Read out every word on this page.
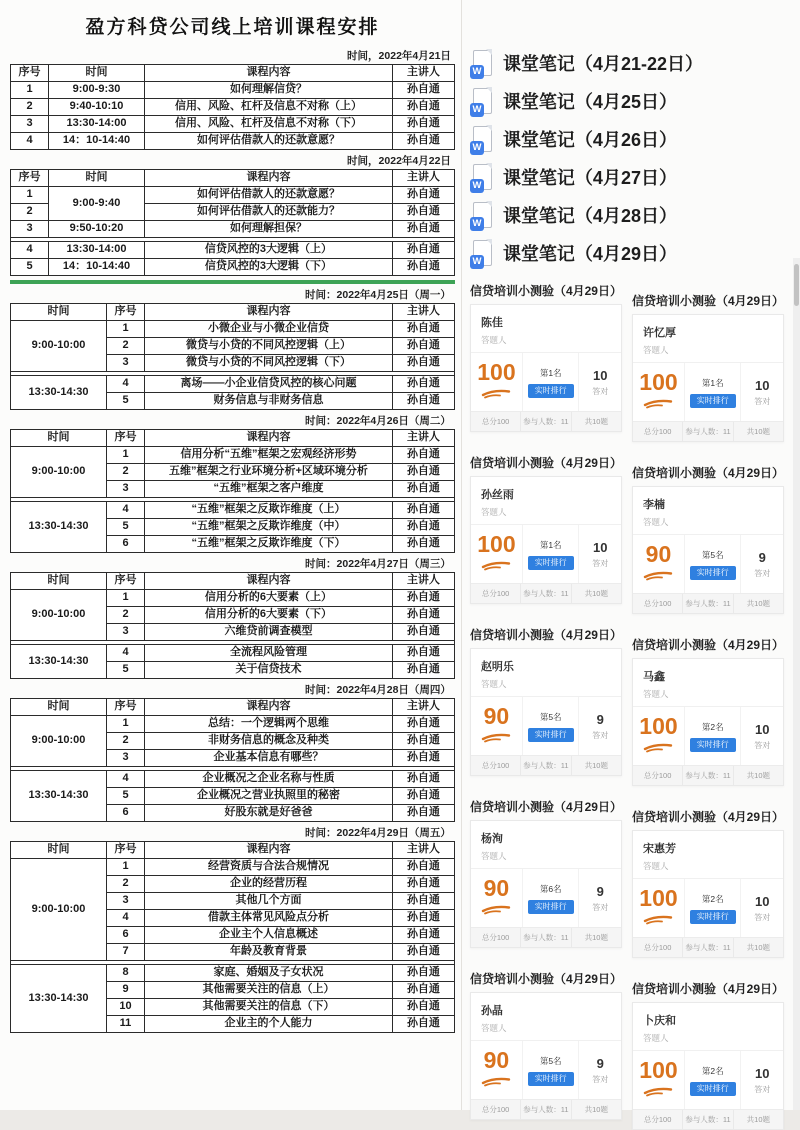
盈方科贷公司线上培训课程安排
时间，2022年4月21日
序号	时间	课程内容	主讲人
1	9:00-9:30	如何理解信贷？	孙自通
2	9:40-10:10	信用、风险、杠杆及信息不对称（上）	孙自通
3	13:30-14:00	信用、风险、杠杆及信息不对称（下）	孙自通
4	14：10-14:40	如何评估借款人的还款意愿？	孙自通
时间，2022年4月22日
序号	时间	课程内容	主讲人
1	9:00-9:40	如何评估借款人的还款意愿？	孙自通
2		如何评估借款人的还款能力？	孙自通
3	9:50-10:20	如何理解担保？	孙自通

4	13:30-14:00	信贷风控的3大逻辑（上）	孙自通
5	14：10-14:40	信贷风控的3大逻辑（下）	孙自通
时间：2022年4月25日（周一）
时间	序号	课程内容	主讲人
9:00-10:00	1	小微企业与小微企业信贷	孙自通
	2	微贷与小贷的不同风控逻辑（上）	孙自通
	3	微贷与小贷的不同风控逻辑（下）	孙自通

13:30-14:30	4	离场——小企业信贷风控的核心问题	孙自通
	5	财务信息与非财务信息	孙自通
时间：2022年4月26日（周二）
时间	序号	课程内容	主讲人
9:00-10:00	1	信用分析“五维”框架之宏观经济形势	孙自通
	2	五维”框架之行业环境分析+区域环境分析	孙自通
	3	“五维”框架之客户维度	孙自通

13:30-14:30	4	“五维”框架之反欺诈维度（上）	孙自通
	5	“五维”框架之反欺诈维度（中）	孙自通
	6	“五维”框架之反欺诈维度（下）	孙自通
时间：2022年4月27日（周三）
时间	序号	课程内容	主讲人
9:00-10:00	1	信用分析的6大要素（上）	孙自通
	2	信用分析的6大要素（下）	孙自通
	3	六维贷前调查模型	孙自通

13:30-14:30	4	全流程风险管理	孙自通
	5	关于信贷技术	孙自通
时间：2022年4月28日（周四）
时间	序号	课程内容	主讲人
9:00-10:00	1	总结：一个逻辑两个思维	孙自通
	2	非财务信息的概念及种类	孙自通
	3	企业基本信息有哪些？	孙自通

13:30-14:30	4	企业概况之企业名称与性质	孙自通
	5	企业概况之营业执照里的秘密	孙自通
	6	好股东就是好爸爸	孙自通
时间：2022年4月29日（周五）
时间	序号	课程内容	主讲人
9:00-10:00	1	经营资质与合法合规情况	孙自通
	2	企业的经营历程	孙自通
	3	其他几个方面	孙自通
	4	借款主体常见风险点分析	孙自通
	6	企业主个人信息概述	孙自通
	7	年龄及教育背景	孙自通

13:30-14:30	8	家庭、婚姻及子女状况	孙自通
	9	其他需要关注的信息（上）	孙自通
	10	其他需要关注的信息（下）	孙自通
	11	企业主的个人能力	孙自通
W 课堂笔记（4月21-22日）
W 课堂笔记（4月25日）
W 课堂笔记（4月26日）
W 课堂笔记（4月27日）
W 课堂笔记（4月28日）
W 课堂笔记（4月29日）
信贷培训小测验（4月29日）
陈佳
答题人
100	第1名
实时排行
10
答对
总分100	参与人数：11	共10题
信贷培训小测验（4月29日）
许忆厚
答题人
100	第1名
实时排行
10
答对
总分100	参与人数：11	共10题
信贷培训小测验（4月29日）
孙丝雨
答题人
100	第1名
实时排行
10
答对
总分100	参与人数：11	共10题
信贷培训小测验（4月29日）
李楠
答题人
90	第5名
实时排行
9
答对
总分100	参与人数：11	共10题
信贷培训小测验（4月29日）
赵明乐
答题人
90	第5名
实时排行
9
答对
总分100	参与人数：11	共10题
信贷培训小测验（4月29日）
马鑫
答题人
100	第2名
实时排行
10
答对
总分100	参与人数：11	共10题
信贷培训小测验（4月29日）
杨洵
答题人
90	第6名
实时排行
9
答对
总分100	参与人数：11	共10题
信贷培训小测验（4月29日）
宋惠芳
答题人
100	第2名
实时排行
10
答对
总分100	参与人数：11	共10题
信贷培训小测验（4月29日）
孙晶
答题人
90	第5名
实时排行
9
答对
总分100	参与人数：11	共10题
信贷培训小测验（4月29日）
卜庆和
答题人
100	第2名
实时排行
10
答对
总分100	参与人数：11	共10题
